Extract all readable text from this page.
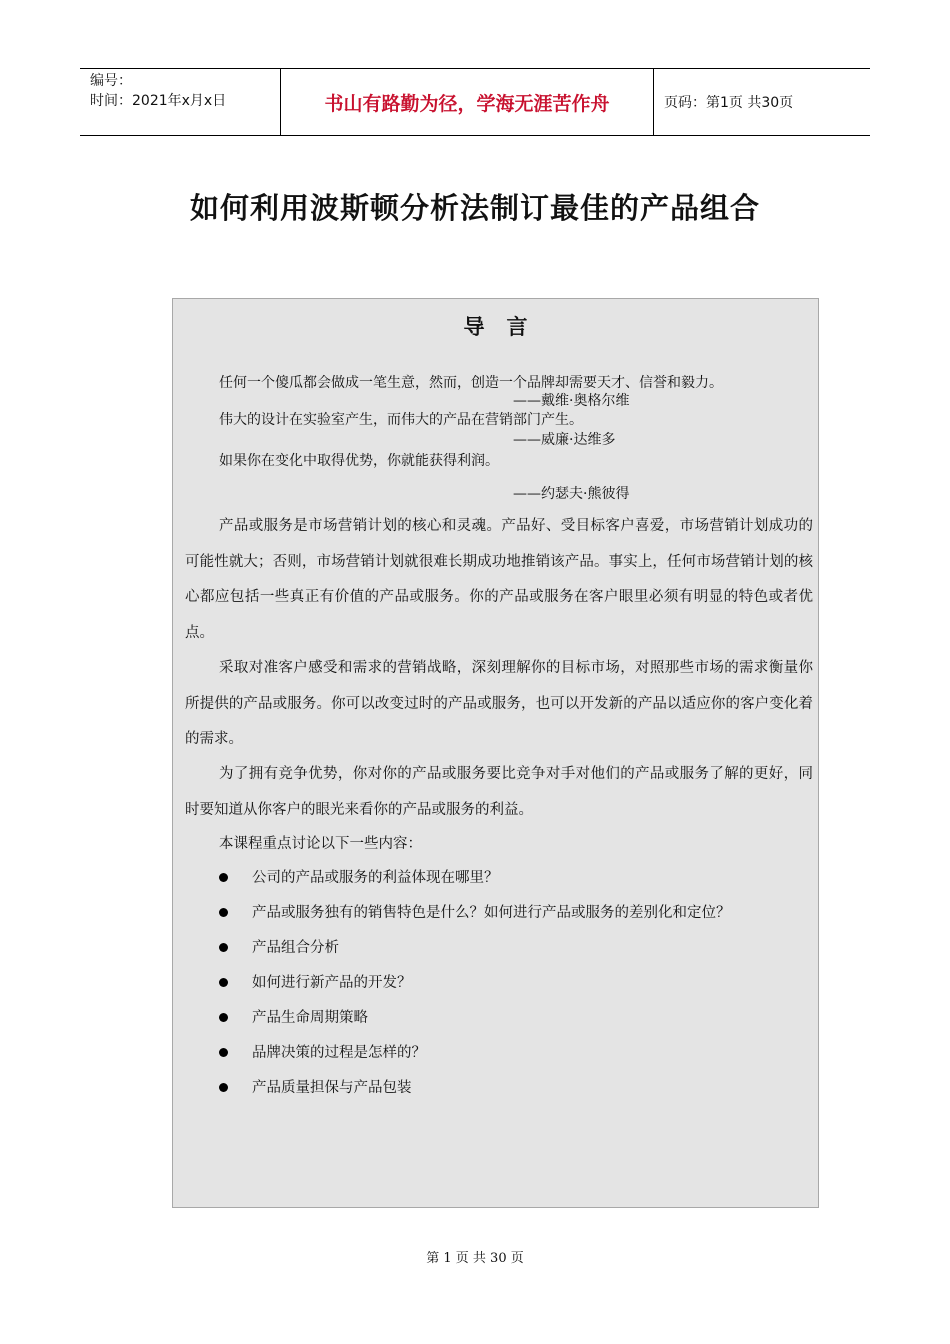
编号：
时间：2021年x月x日	书山有路勤为径，学海无涯苦作舟	页码：第1页 共30页
如何利用波斯顿分析法制订最佳的产品组合
导言
任何一个傻瓜都会做成一笔生意，然而，创造一个品牌却需要天才、信誉和毅力。
——戴维·奥格尔维
伟大的设计在实验室产生，而伟大的产品在营销部门产生。
——威廉·达维多
如果你在变化中取得优势，你就能获得利润。
——约瑟夫·熊彼得
产品或服务是市场营销计划的核心和灵魂。产品好、受目标客户喜爱，市场营销计划成功的可能性就大；否则，市场营销计划就很难长期成功地推销该产品。事实上，任何市场营销计划的核心都应包括一些真正有价值的产品或服务。你的产品或服务在客户眼里必须有明显的特色或者优点。
采取对准客户感受和需求的营销战略，深刻理解你的目标市场，对照那些市场的需求衡量你所提供的产品或服务。你可以改变过时的产品或服务，也可以开发新的产品以适应你的客户变化着的需求。
为了拥有竞争优势，你对你的产品或服务要比竞争对手对他们的产品或服务了解的更好，同时要知道从你客户的眼光来看你的产品或服务的利益。
本课程重点讨论以下一些内容：
公司的产品或服务的利益体现在哪里？
产品或服务独有的销售特色是什么？如何进行产品或服务的差别化和定位？
产品组合分析
如何进行新产品的开发？
产品生命周期策略
品牌决策的过程是怎样的？
产品质量担保与产品包装
第 1 页 共 30 页
